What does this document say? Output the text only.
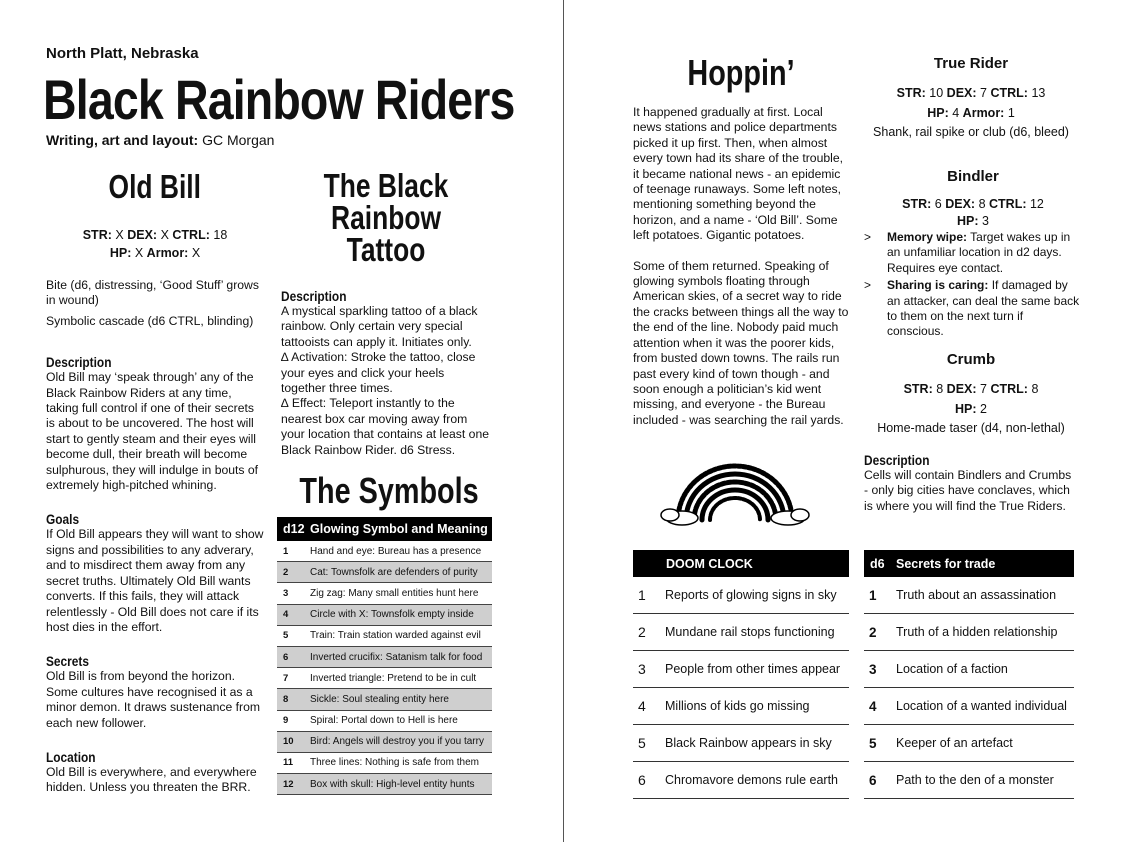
North Platt, Nebraska
Black Rainbow Riders
Writing, art and layout: GC Morgan
Old Bill
STR: X DEX: X CTRL: 18
HP: X Armor: X
Bite (d6, distressing, ‘Good Stuff’ grows in wound)
Symbolic cascade (d6 CTRL, blinding)
Description
Old Bill may ‘speak through’ any of the Black Rainbow Riders at any time, taking full control if one of their secrets is about to be uncovered. The host will start to gently steam and their eyes will become dull, their breath will become sulphurous, they will indulge in bouts of extremely high-pitched whining.
Goals
If Old Bill appears they will want to show signs and possibilities to any adverary, and to misdirect them away from any secret truths. Ultimately Old Bill wants converts. If this fails, they will attack relentlessly - Old Bill does not care if its host dies in the effort.
Secrets
Old Bill is from beyond the horizon. Some cultures have recognised it as a minor demon. It draws sustenance from each new follower.
Location
Old Bill is everywhere, and everywhere hidden. Unless you threaten the BRR.
The Black
Rainbow
Tattoo
Description
A mystical sparkling tattoo of a black rainbow. Only certain very special tattooists can apply it. Initiates only.
∆ Activation: Stroke the tattoo, close your eyes and click your heels together three times.
∆ Effect: Teleport instantly to the nearest box car moving away from your location that contains at least one Black Rainbow Rider. d6 Stress.
The Symbols
d12 Glowing Symbol and Meaning
1	Hand and eye: Bureau has a presence
2	Cat: Townsfolk are defenders of purity
3	Zig zag: Many small entities hunt here
4	Circle with X: Townsfolk empty inside
5	Train: Train station warded against evil
6	Inverted crucifix: Satanism talk for food
7	Inverted triangle: Pretend to be in cult
8	Sickle: Soul stealing entity here
9	Spiral: Portal down to Hell is here
10	Bird: Angels will destroy you if you tarry
11	Three lines: Nothing is safe from them
12	Box with skull: High-level entity hunts
Hoppin’
It happened gradually at first. Local news stations and police departments picked it up first. Then, when almost every town had its share of the trouble, it became national news - an epidemic of teenage runaways. Some left notes, mentioning something beyond the horizon, and a name - ‘Old Bill’. Some left potatoes. Gigantic potatoes.
Some of them returned. Speaking of glowing symbols floating through American skies, of a secret way to ride the cracks between things all the way to the end of the line. Nobody paid much attention when it was the poorer kids, from busted down towns. The rails run past every kind of town though - and soon enough a politician’s kid went missing, and everyone - the Bureau included - was searching the rail yards.
True Rider
STR: 10 DEX: 7 CTRL: 13
HP: 4 Armor: 1
Shank, rail spike or club (d6, bleed)
Bindler
STR: 6 DEX: 8 CTRL: 12
HP: 3
>	Memory wipe: Target wakes up in an unfamiliar location in d2 days. Requires eye contact.
>	Sharing is caring: If damaged by an attacker, can deal the same back to them on the next turn if conscious.
Crumb
STR: 8 DEX: 7 CTRL: 8
HP: 2
Home-made taser (d4, non-lethal)
Description
Cells will contain Bindlers and Crumbs - only big cities have conclaves, which is where you will find the True Riders.
DOOM CLOCK
1	Reports of glowing signs in sky
2	Mundane rail stops functioning
3	People from other times appear
4	Millions of kids go missing
5	Black Rainbow appears in sky
6	Chromavore demons rule earth
d6 Secrets for trade
1	Truth about an assassination
2	Truth of a hidden relationship
3	Location of a faction
4	Location of a wanted individual
5	Keeper of an artefact
6	Path to the den of a monster
